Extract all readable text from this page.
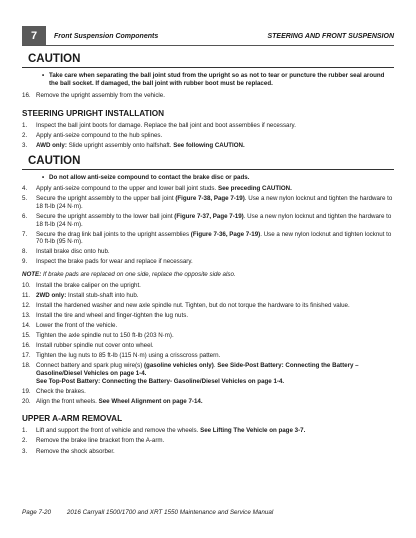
7 Front Suspension Components	STEERING AND FRONT SUSPENSION
CAUTION
• Take care when separating the ball joint stud from the upright so as not to tear or puncture the rubber seal around the ball socket. If damaged, the ball joint with rubber boot must be replaced.
16. Remove the upright assembly from the vehicle.
STEERING UPRIGHT INSTALLATION
1.	Inspect the ball joint boots for damage. Replace the ball joint and boot assemblies if necessary.
2.	Apply anti-seize compound to the hub splines.
3.	AWD only: Slide upright assembly onto halfshaft. See following CAUTION.
CAUTION
• Do not allow anti-seize compound to contact the brake disc or pads.
4.	Apply anti-seize compound to the upper and lower ball joint studs. See preceding CAUTION.
5.	Secure the upright assembly to the upper ball joint (Figure 7-38, Page 7-19). Use a new nylon locknut and tighten the hardware to 18 ft-lb (24 N·m).
6.	Secure the upright assembly to the lower ball joint (Figure 7-37, Page 7-19). Use a new nylon locknut and tighten the hardware to 18 ft-lb (24 N·m).
7.	Secure the drag link ball joints to the upright assemblies (Figure 7-36, Page 7-19). Use a new nylon locknut and tighten locknut to 70 ft-lb (95 N·m).
8.	Install brake disc onto hub.
9.	Inspect the brake pads for wear and replace if necessary.
NOTE: If brake pads are replaced on one side, replace the opposite side also.
10. Install the brake caliper on the upright.
11. 2WD only: Install stub-shaft into hub.
12. Install the hardened washer and new axle spindle nut. Tighten, but do not torque the hardware to its finished value.
13. Install the tire and wheel and finger-tighten the lug nuts.
14. Lower the front of the vehicle.
15. Tighten the axle spindle nut to 150 ft-lb (203 N·m).
16. Install rubber spindle nut cover onto wheel.
17. Tighten the lug nuts to 85 ft-lb (115 N·m) using a crisscross pattern.
18. Connect battery and spark plug wire(s) (gasoline vehicles only). See Side-Post Battery: Connecting the Battery – Gasoline/Diesel Vehicles on page 1-4.
See Top-Post Battery: Connecting the Battery- Gasoline/Diesel Vehicles on page 1-4.
19. Check the brakes.
20. Align the front wheels. See Wheel Alignment on page 7-14.
UPPER A-ARM REMOVAL
1.	Lift and support the front of vehicle and remove the wheels. See Lifting The Vehicle on page 3-7.
2.	Remove the brake line bracket from the A-arm.
3.	Remove the shock absorber.
Page 7-20	2016 Carryall 1500/1700 and XRT 1550 Maintenance and Service Manual
